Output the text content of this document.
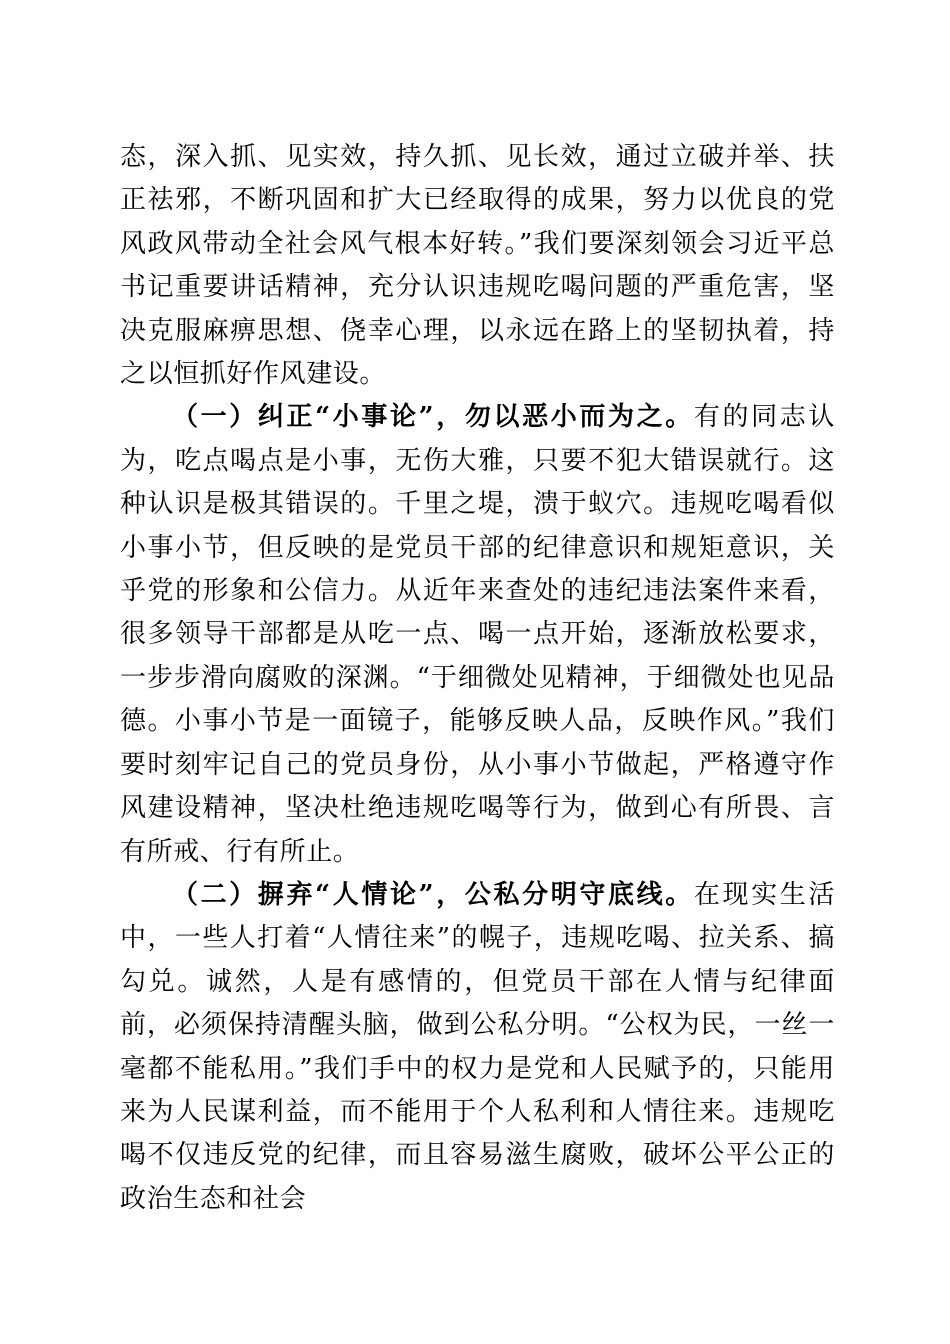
态，深入抓、见实效，持久抓、见长效，通过立破并举、扶正祛邪，不断巩固和扩大已经取得的成果，努力以优良的党风政风带动全社会风气根本好转。”我们要深刻领会习近平总书记重要讲话精神，充分认识违规吃喝问题的严重危害，坚决克服麻痹思想、侥幸心理，以永远在路上的坚韧执着，持之以恒抓好作风建设。

（一）纠正“小事论”，勿以恶小而为之。有的同志认为，吃点喝点是小事，无伤大雅，只要不犯大错误就行。这种认识是极其错误的。千里之堤，溃于蚁穴。违规吃喝看似小事小节，但反映的是党员干部的纪律意识和规矩意识，关乎党的形象和公信力。从近年来查处的违纪违法案件来看，很多领导干部都是从吃一点、喝一点开始，逐渐放松要求，一步步滑向腐败的深渊。“于细微处见精神，于细微处也见品德。小事小节是一面镜子，能够反映人品，反映作风。”我们要时刻牢记自己的党员身份，从小事小节做起，严格遵守作风建设精神，坚决杜绝违规吃喝等行为，做到心有所畏、言有所戒、行有所止。

（二）摒弃“人情论”，公私分明守底线。在现实生活中，一些人打着“人情往来”的幌子，违规吃喝、拉关系、搞勾兑。诚然，人是有感情的，但党员干部在人情与纪律面前，必须保持清醒头脑，做到公私分明。“公权为民，一丝一毫都不能私用。”我们手中的权力是党和人民赋予的，只能用来为人民谋利益，而不能用于个人私利和人情往来。违规吃喝不仅违反党的纪律，而且容易滋生腐败，破坏公平公正的政治生态和社会
